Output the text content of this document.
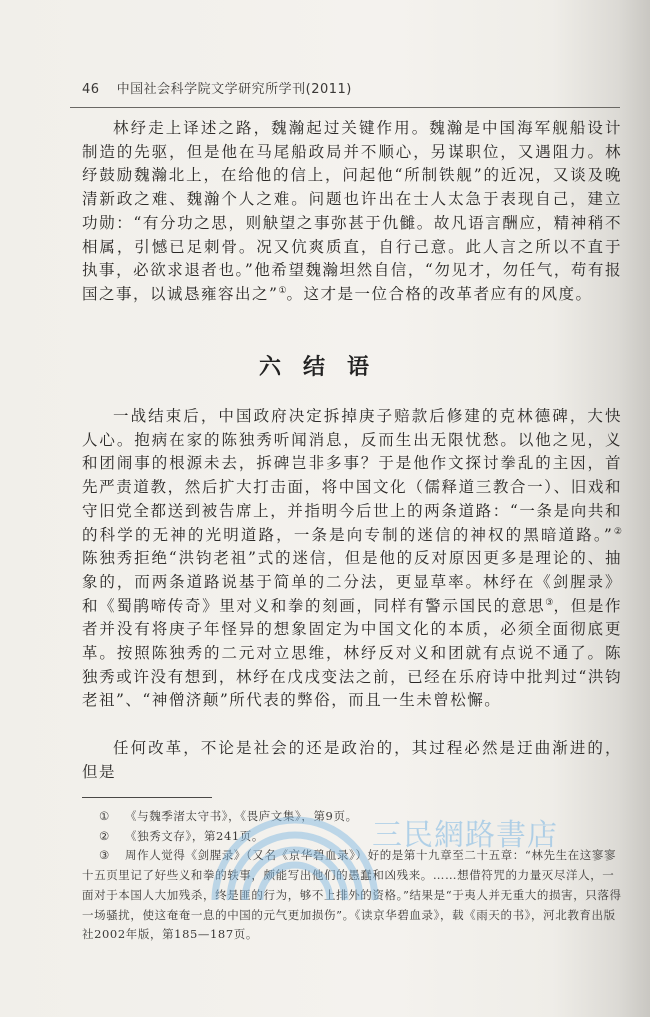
46 中国社会科学院文学研究所学刊(2011)

林纾走上译述之路，魏瀚起过关键作用。魏瀚是中国海军舰船设计制造的先驱，但是他在马尾船政局并不顺心，另谋职位，又遇阻力。林纾鼓励魏瀚北上，在给他的信上，问起他“所制铁舰”的近况，又谈及晚清新政之难、魏瀚个人之难。问题也许出在士人太急于表现自己，建立功勋：“有分功之思，则觖望之事弥甚于仇雠。故凡语言酬应，精神稍不相属，引憾已足刺骨。况又伉爽质直，自行己意。此人言之所以不直于执事，必欲求退者也。”他希望魏瀚坦然自信，“勿见才，勿任气，苟有报国之事，以诚恳雍容出之”①。这才是一位合格的改革者应有的风度。

六结语

一战结束后，中国政府决定拆掉庚子赔款后修建的克林德碑，大快人心。抱病在家的陈独秀听闻消息，反而生出无限忧愁。以他之见，义和团闹事的根源未去，拆碑岂非多事？于是他作文探讨拳乱的主因，首先严责道教，然后扩大打击面，将中国文化（儒释道三教合一）、旧戏和守旧党全都送到被告席上，并指明今后世上的两条道路：“一条是向共和的科学的无神的光明道路，一条是向专制的迷信的神权的黑暗道路。”② 陈独秀拒绝“洪钧老祖”式的迷信，但是他的反对原因更多是理论的、抽象的，而两条道路说基于简单的二分法，更显草率。林纾在《剑腥录》和《蜀鹃啼传奇》里对义和拳的刻画，同样有警示国民的意思③，但是作者并没有将庚子年怪异的想象固定为中国文化的本质，必须全面彻底更革。按照陈独秀的二元对立思维，林纾反对义和团就有点说不通了。陈独秀或许没有想到，林纾在戊戌变法之前，已经在乐府诗中批判过“洪钧老祖”、“神僧济颠”所代表的弊俗，而且一生未曾松懈。

任何改革，不论是社会的还是政治的，其过程必然是迂曲渐进的，但是

① 《与魏季渚太守书》，《畏庐文集》，第9页。

② 《独秀文存》，第241页。

③ 周作人觉得《剑腥录》（又名《京华碧血录》）好的是第十九章至二十五章：“林先生在这寥寥十五页里记了好些义和拳的轶事，颇能写出他们的愚蠢和凶残来。……想借符咒的力量灭尽洋人，一面对于本国人大加残杀，终是匪的行为，够不上排外的资格。”结果是“于夷人并无重大的损害，只落得一场骚扰，使这奄奄一息的中国的元气更加损伤”。《读京华碧血录》，载《雨天的书》，河北教育出版社2002年版，第185—187页。

三民網路書店
